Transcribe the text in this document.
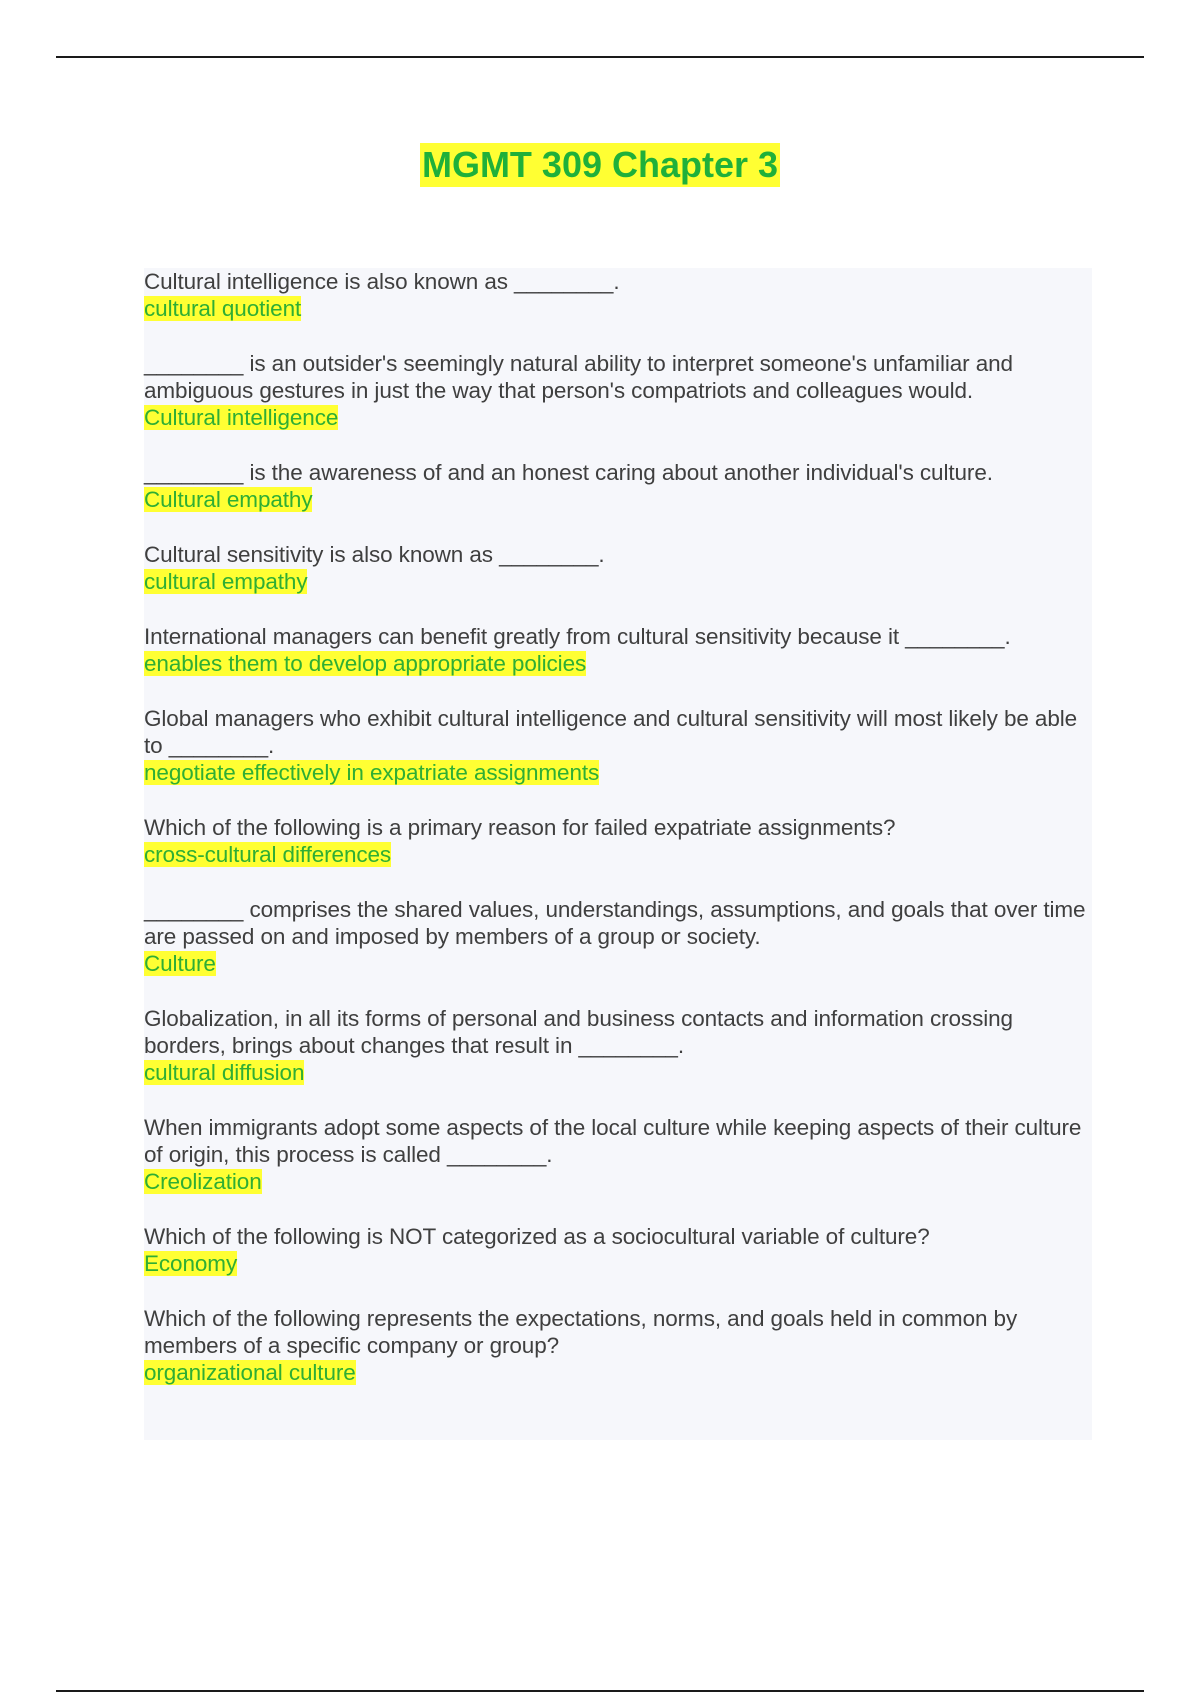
MGMT 309 Chapter 3
Cultural intelligence is also known as ________.
cultural quotient
________ is an outsider's seemingly natural ability to interpret someone's unfamiliar and ambiguous gestures in just the way that person's compatriots and colleagues would.
Cultural intelligence
________ is the awareness of and an honest caring about another individual's culture.
Cultural empathy
Cultural sensitivity is also known as ________.
cultural empathy
International managers can benefit greatly from cultural sensitivity because it ________.
enables them to develop appropriate policies
Global managers who exhibit cultural intelligence and cultural sensitivity will most likely be able to ________.
negotiate effectively in expatriate assignments
Which of the following is a primary reason for failed expatriate assignments?
cross-cultural differences
________ comprises the shared values, understandings, assumptions, and goals that over time are passed on and imposed by members of a group or society.
Culture
Globalization, in all its forms of personal and business contacts and information crossing borders, brings about changes that result in ________.
cultural diffusion
When immigrants adopt some aspects of the local culture while keeping aspects of their culture of origin, this process is called ________.
Creolization
Which of the following is NOT categorized as a sociocultural variable of culture?
Economy
Which of the following represents the expectations, norms, and goals held in common by members of a specific company or group?
organizational culture
